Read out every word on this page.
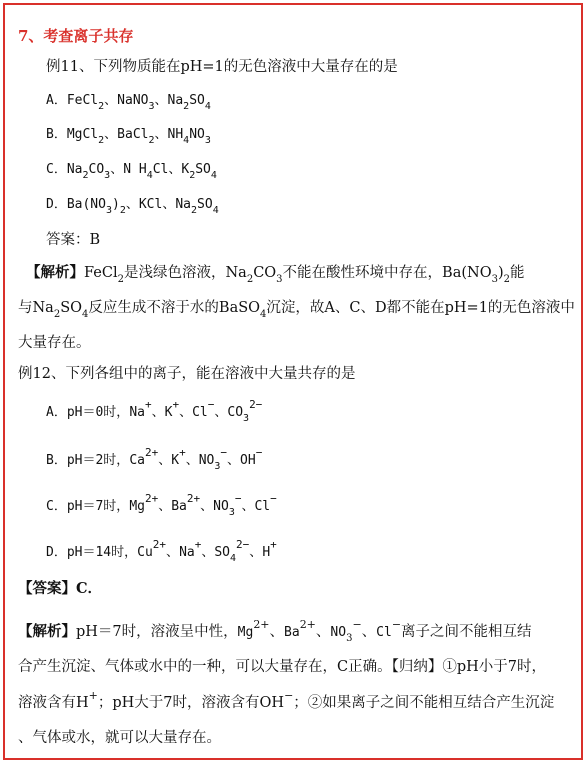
7、考查离子共存
例11、下列物质能在pH=1的无色溶液中大量存在的是
A．FeCl$_2$、NaNO$_3$、$Na_2SO_4$
B．MgCl$_2$、BaCl$_2$、$NH_4NO_3$
C．$Na_2CO_3$、N $H_4Cl$、$K_2SO_4$
D．$Ba(NO_3)_2$、KCl、$Na_2SO_4$
答案：B
【解析】FeCl$_2$是浅绿色溶液，$Na_2CO_3$不能在酸性环境中存在，$Ba(NO_3)_2$能
与$Na_2SO_4$反应生成不溶于水的BaSO$_4$沉淀，故A、C、D都不能在pH=1的无色溶液中
大量存在。
例12、下列各组中的离子，能在溶液中大量共存的是
A．pH＝0时，Na+、K+、Cl−、$CO_3^{2-}$
B．pH＝2时，$Ca^{2+}$、K+、$NO_3^-$、OH−
C．pH＝7时，$Mg^{2+}$、$Ba^{2+}$、$NO_3^-$、Cl−
D．pH＝14时，$Cu^{2+}$、Na+、$SO_4^{2-}$、H+
【答案】C．
【解析】pH＝7时，溶液呈中性，$Mg^{2+}$、$Ba^{2+}$、$NO_3^-$、Cl−离子之间不能相互结
合产生沉淀、气体或水中的一种，可以大量存在，C正确。【归纳】①pH小于7时，
溶液含有H+；pH大于7时，溶液含有OH−；②如果离子之间不能相互结合产生沉淀
、气体或水，就可以大量存在。
